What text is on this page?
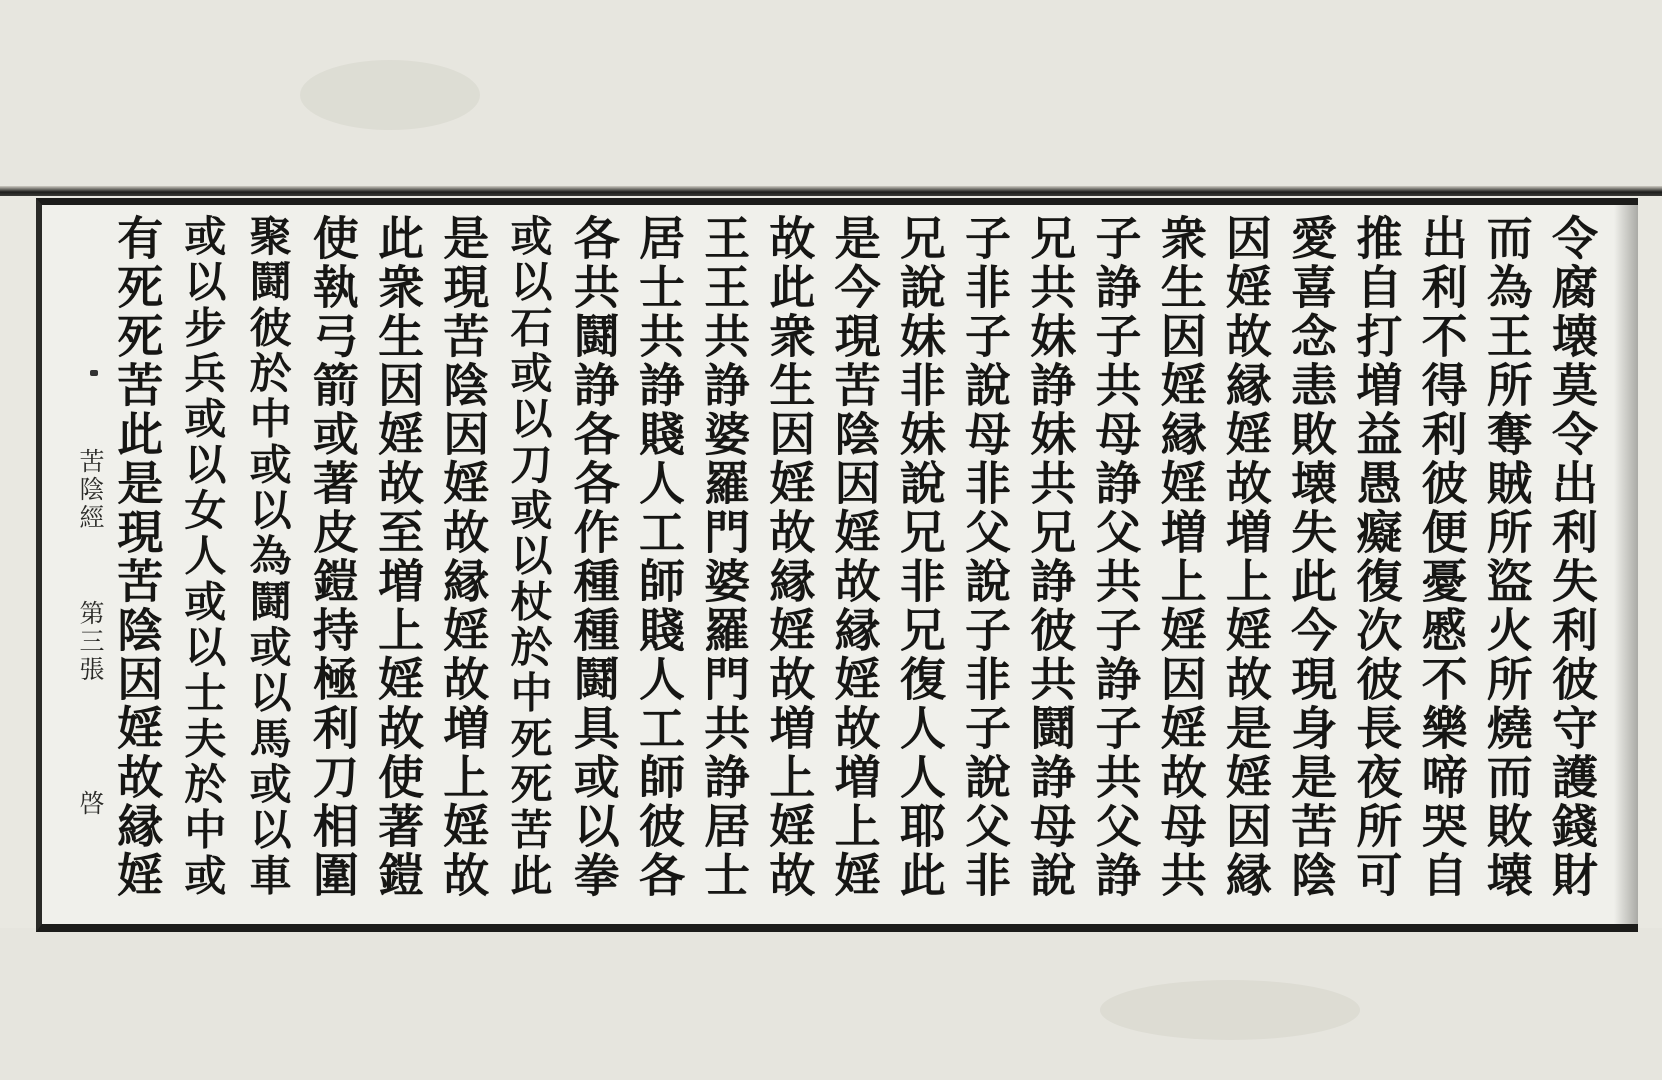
苦陰經
第三張
啓	令腐壊莫令出利失利彼守護錢財
而為王所奪賊所盜火所燒而敗壊
出利不得利彼便憂慼不樂啼哭自
推自打増益愚癡復次彼長夜所可
愛喜念恚敗壊失此今現身是苦陰
因婬故縁婬故増上婬故是婬因縁
衆生因婬縁婬増上婬因婬故母共
子諍子共母諍父共子諍子共父諍
兄共妹諍妹共兄諍彼共鬪諍母說
子非子說母非父說子非子說父非
兄說妹非妹說兄非兄復人人耶此
是今現苦陰因婬故縁婬故増上婬
故此衆生因婬故縁婬故増上婬故
王王共諍婆羅門婆羅門共諍居士
居士共諍賤人工師賤人工師彼各
各共鬪諍各各作種種鬪具或以拳
或以石或以刀或以杖於中死死苦此
是現苦陰因婬故縁婬故増上婬故
此衆生因婬故至増上婬故使著鎧
使執弓箭或著皮鎧持極利刀相圍
聚鬪彼於中或以為鬪或以馬或以車
或以步兵或以女人或以士夫於中或
有死死苦此是現苦陰因婬故縁婬
